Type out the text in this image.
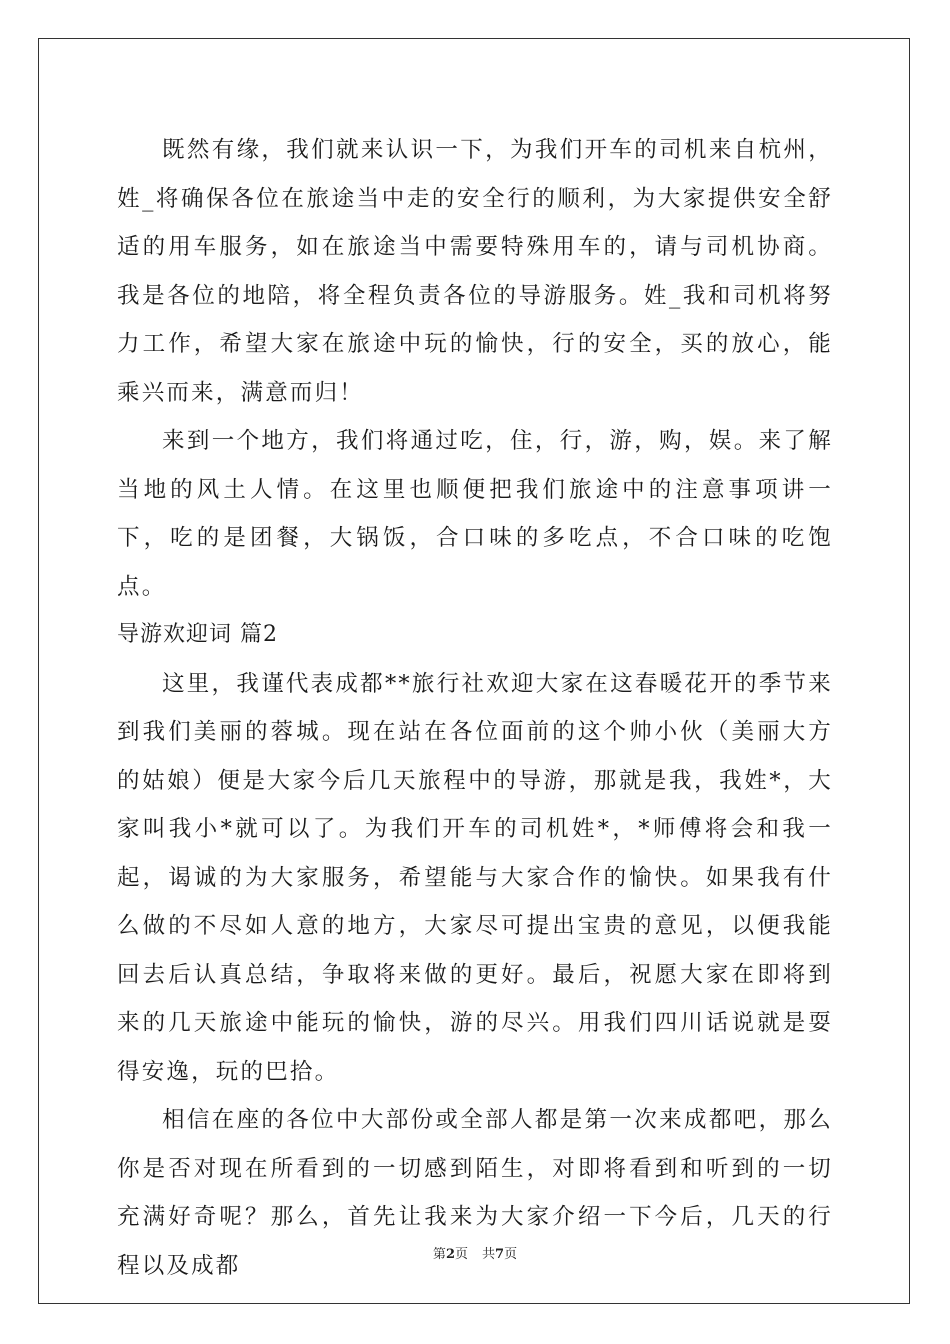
既然有缘，我们就来认识一下，为我们开车的司机来自杭州，姓_将确保各位在旅途当中走的安全行的顺利，为大家提供安全舒适的用车服务，如在旅途当中需要特殊用车的，请与司机协商。我是各位的地陪，将全程负责各位的导游服务。姓_我和司机将努力工作，希望大家在旅途中玩的愉快，行的安全，买的放心，能乘兴而来，满意而归！

来到一个地方，我们将通过吃，住，行，游，购，娱。来了解当地的风土人情。在这里也顺便把我们旅途中的注意事项讲一下，吃的是团餐，大锅饭，合口味的多吃点，不合口味的吃饱点。

导游欢迎词 篇2

这里，我谨代表成都**旅行社欢迎大家在这春暖花开的季节来到我们美丽的蓉城。现在站在各位面前的这个帅小伙（美丽大方的姑娘）便是大家今后几天旅程中的导游，那就是我，我姓*，大家叫我小*就可以了。为我们开车的司机姓*，*师傅将会和我一起，谒诚的为大家服务，希望能与大家合作的愉快。如果我有什么做的不尽如人意的地方，大家尽可提出宝贵的意见，以便我能回去后认真总结，争取将来做的更好。最后，祝愿大家在即将到来的几天旅途中能玩的愉快，游的尽兴。用我们四川话说就是耍得安逸，玩的巴拾。

相信在座的各位中大部份或全部人都是第一次来成都吧，那么你是否对现在所看到的一切感到陌生，对即将看到和听到的一切充满好奇呢？那么，首先让我来为大家介绍一下今后，几天的行程以及成都	第2页 共7页
